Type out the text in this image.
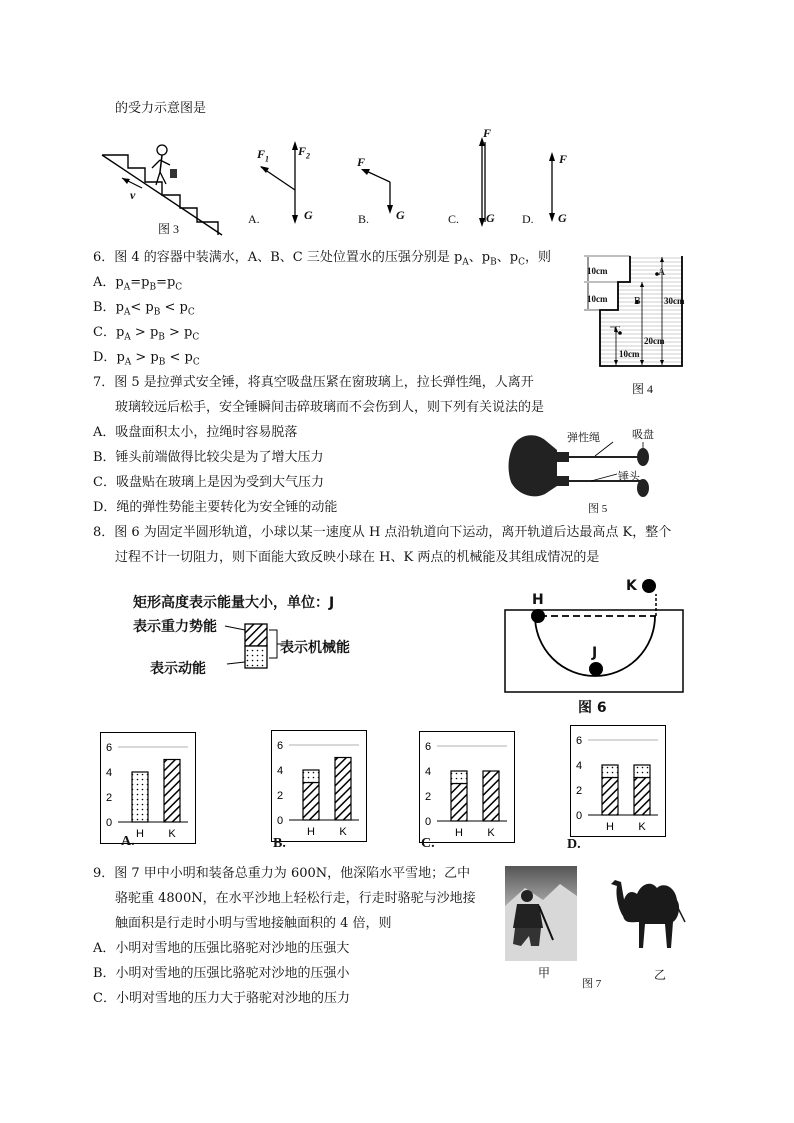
的受力示意图是
v
图 3
$F_1$
$F_2$
G
A.
F
G
B.
F
G
C.
F
G
D.
6．图 4 的容器中装满水，A、B、C 三处位置水的压强分别是 $p_A$、$p_B$、$p_C$，则
A．$p_A=p_B=p_C$
B．$p_A< p_B < p_C$
C．$p_A > p_B > p_C$
D．$p_A > p_B < p_C$
10cm
10cm	30cm
20cm
10cm
A
B
C
图 4
7．图 5 是拉弹式安全锤，将真空吸盘压紧在窗玻璃上，拉长弹性绳，人离开
玻璃较远后松手，安全锤瞬间击碎玻璃而不会伤到人，则下列有关说法的是
A．吸盘面积太小，拉绳时容易脱落
B．锤头前端做得比较尖是为了增大压力
C．吸盘贴在玻璃上是因为受到大气压力
D．绳的弹性势能主要转化为安全锤的动能
弹性绳	吸盘
锤头
图 5
8．图 6 为固定半圆形轨道，小球以某一速度从 H 点沿轨道向下运动，离开轨道后达最高点 K，整个
过程不计一切阻力，则下面能大致反映小球在 H、K 两点的机械能及其组成情况的是
矩形高度表示能量大小，单位：J
表示重力势能
表示机械能
表示动能
H
K
J
图 6
0
2
4
6
H K
A.
0
2
4
6
H K
B.
0
2
4
6
H K
C.
0
2
4
6
H K
D.
9．图 7 甲中小明和装备总重力为 600N，他深陷水平雪地；乙中
骆驼重 4800N，在水平沙地上轻松行走，行走时骆驼与沙地接
触面积是行走时小明与雪地接触面积的 4 倍，则
A．小明对雪地的压强比骆驼对沙地的压强大
B．小明对雪地的压强比骆驼对沙地的压强小
C．小明对雪地的压力大于骆驼对沙地的压力
甲	乙
图 7
